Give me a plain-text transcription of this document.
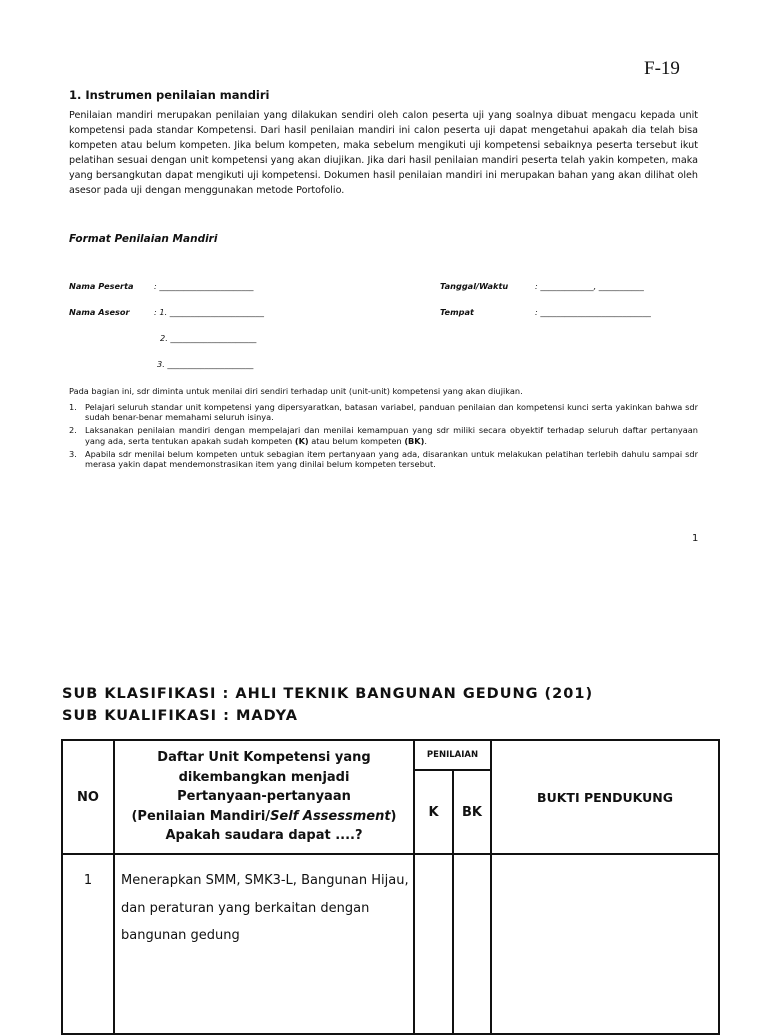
F-19
1. Instrumen penilaian mandiri
Penilaian mandiri merupakan penilaian yang dilakukan sendiri oleh calon peserta uji yang soalnya dibuat mengacu kepada unit kompetensi pada standar Kompetensi. Dari hasil penilaian mandiri ini calon peserta uji dapat mengetahui apakah dia telah bisa kompeten atau belum kompeten. Jika belum kompeten, maka sebelum mengikuti uji kompetensi sebaiknya peserta tersebut ikut pelatihan sesuai dengan unit kompetensi yang akan diujikan. Jika dari hasil penilaian mandiri peserta telah yakin kompeten, maka yang bersangkutan dapat mengikuti uji kompetensi. Dokumen hasil penilaian mandiri ini merupakan bahan yang akan dilihat oleh asesor pada uji dengan menggunakan metode Portofolio.
Format Penilaian Mandiri
Nama Peserta : _______________________
Nama Asesor	: 1. _______________________
2. _____________________
3. _____________________
Tanggal/Waktu	: _____________, ___________
Tempat	: ___________________________
Pada bagian ini, sdr diminta untuk menilai diri sendiri terhadap unit (unit-unit) kompetensi yang akan diujikan.
1. Pelajari seluruh standar unit kompetensi yang dipersyaratkan, batasan variabel, panduan penilaian dan kompetensi kunci serta yakinkan bahwa sdr sudah benar-benar memahami seluruh isinya.
2. Laksanakan penilaian mandiri dengan mempelajari dan menilai kemampuan yang sdr miliki secara obyektif terhadap seluruh daftar pertanyaan yang ada, serta tentukan apakah sudah kompeten (K) atau belum kompeten (BK).
3. Apabila sdr menilai belum kompeten untuk sebagian item pertanyaan yang ada, disarankan untuk melakukan pelatihan terlebih dahulu sampai sdr merasa yakin dapat mendemonstrasikan item yang dinilai belum kompeten tersebut.
1
SUB KLASIFIKASI : AHLI TEKNIK BANGUNAN GEDUNG (201)
SUB KUALIFIKASI : MADYA
NO	Daftar Unit Kompetensi yang
dikembangkan menjadi
Pertanyaan-pertanyaan
(Penilaian Mandiri/Self Assessment)
Apakah saudara dapat ....?	PENILAIAN		BUKTI PENDUKUNG
		K	BK	
1	Menerapkan SMM, SMK3-L, Bangunan Hijau, dan peraturan yang berkaitan dengan bangunan gedung			
